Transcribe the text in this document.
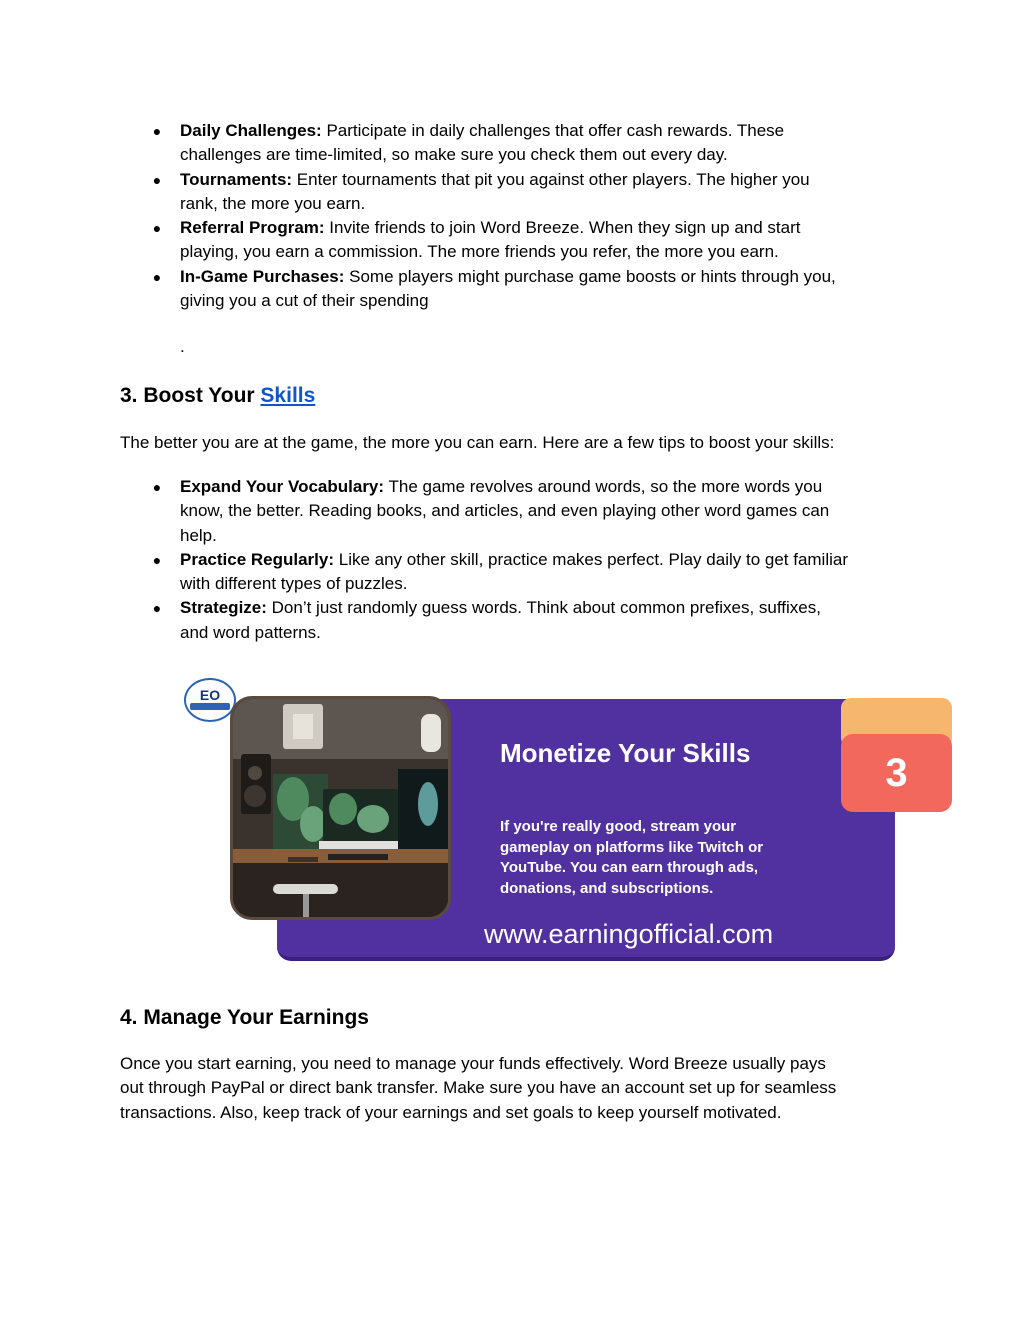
● Daily Challenges: Participate in daily challenges that offer cash rewards. These
challenges are time-limited, so make sure you check them out every day.
● Tournaments: Enter tournaments that pit you against other players. The higher you
rank, the more you earn.
● Referral Program: Invite friends to join Word Breeze. When they sign up and start
playing, you earn a commission. The more friends you refer, the more you earn.
● In-Game Purchases: Some players might purchase game boosts or hints through you,
giving you a cut of their spending
.
3. Boost Your Skills

The better you are at the game, the more you can earn. Here are a few tips to boost your skills:

● Expand Your Vocabulary: The game revolves around words, so the more words you
know, the better. Reading books, and articles, and even playing other word games can
help.
● Practice Regularly: Like any other skill, practice makes perfect. Play daily to get familiar
with different types of puzzles.
● Strategize: Don’t just randomly guess words. Think about common prefixes, suffixes,
and word patterns.
EO
3
Monetize Your Skills
If you're really good, stream your
gameplay on platforms like Twitch or
YouTube. You can earn through ads,
donations, and subscriptions.
www.earningofficial.com
4. Manage Your Earnings
Once you start earning, you need to manage your funds effectively. Word Breeze usually pays
out through PayPal or direct bank transfer. Make sure you have an account set up for seamless
transactions. Also, keep track of your earnings and set goals to keep yourself motivated.
